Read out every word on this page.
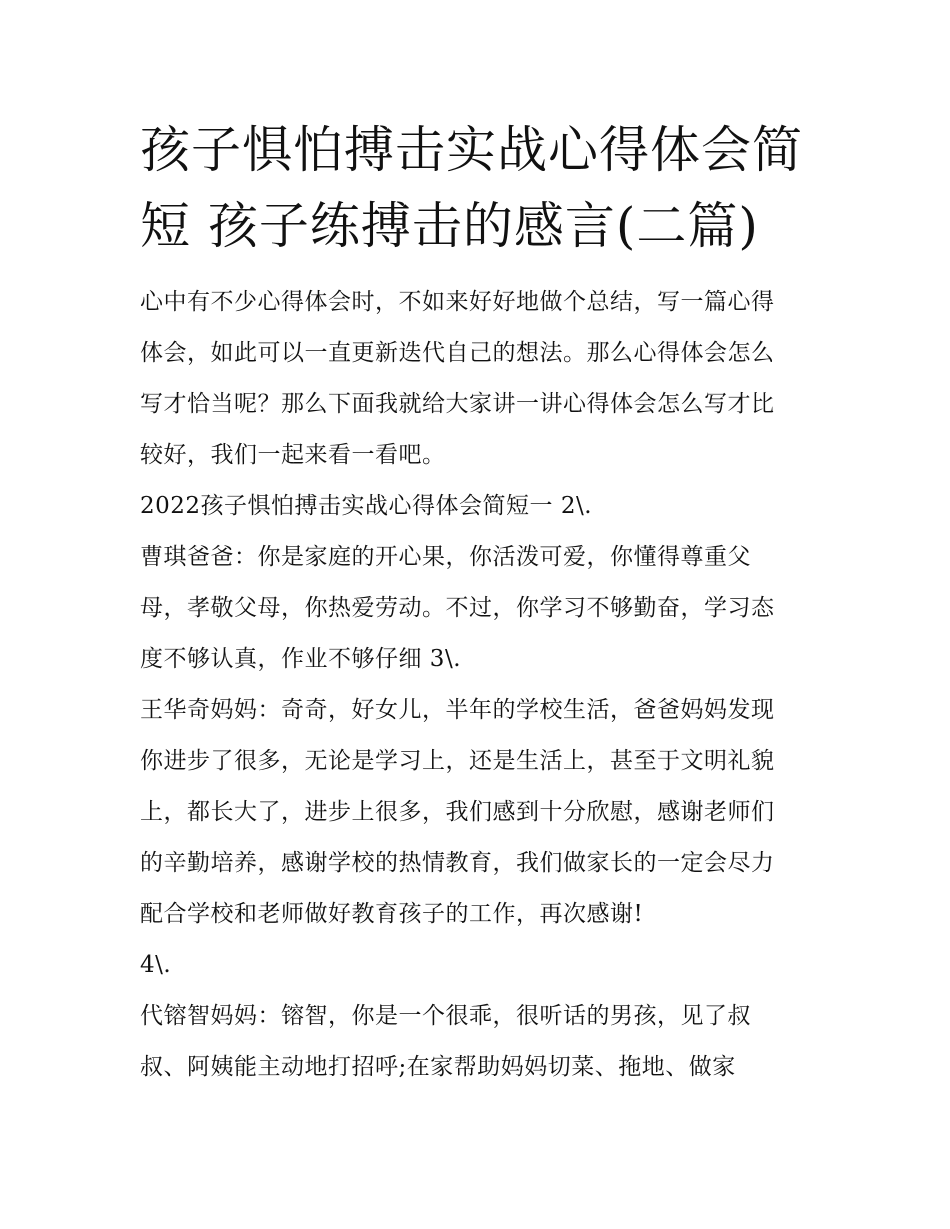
孩子惧怕搏击实战心得体会简
短 孩子练搏击的感言(二篇)

心中有不少心得体会时，不如来好好地做个总结，写一篇心得
体会，如此可以一直更新迭代自己的想法。那么心得体会怎么
写才恰当呢？那么下面我就给大家讲一讲心得体会怎么写才比
较好，我们一起来看一看吧。

2022孩子惧怕搏击实战心得体会简短一 2\.

曹琪爸爸：你是家庭的开心果，你活泼可爱，你懂得尊重父
母，孝敬父母，你热爱劳动。不过，你学习不够勤奋，学习态
度不够认真，作业不够仔细 3\.

王华奇妈妈：奇奇，好女儿，半年的学校生活，爸爸妈妈发现
你进步了很多，无论是学习上，还是生活上，甚至于文明礼貌
上，都长大了，进步上很多，我们感到十分欣慰，感谢老师们
的辛勤培养，感谢学校的热情教育，我们做家长的一定会尽力
配合学校和老师做好教育孩子的工作，再次感谢!

4\.

代镕智妈妈：镕智，你是一个很乖，很听话的男孩，见了叔
叔、阿姨能主动地打招呼;在家帮助妈妈切菜、拖地、做家
